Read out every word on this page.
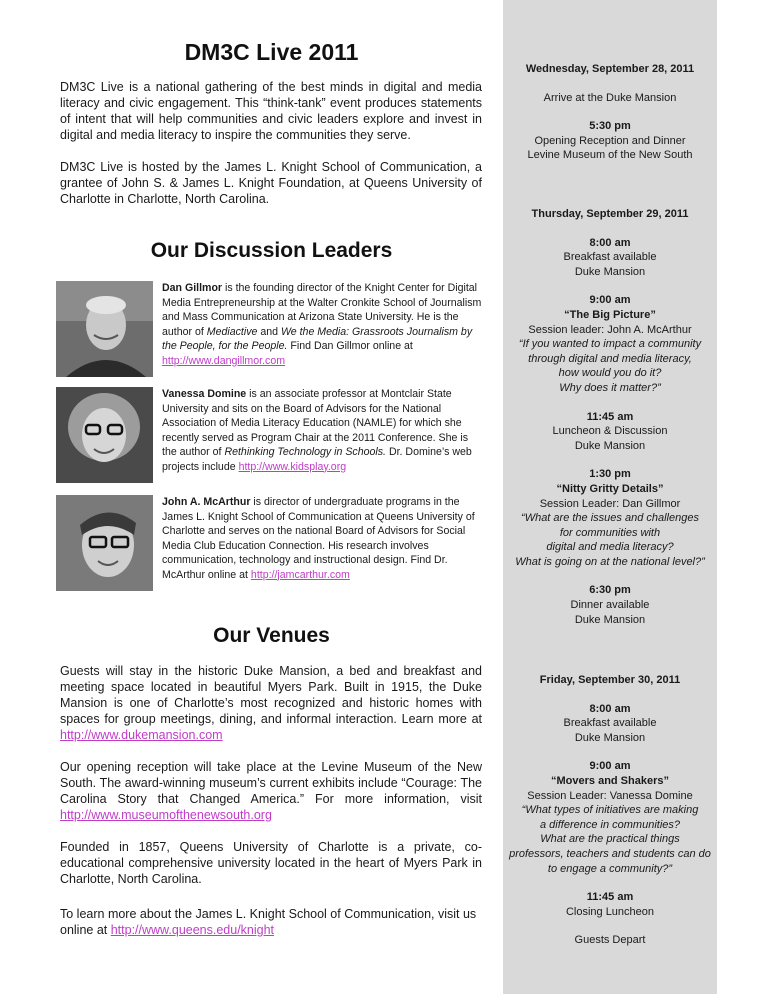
DM3C Live 2011

DM3C Live is a national gathering of the best minds in digital and media literacy and civic engagement. This “think-tank” event produces statements of intent that will help communities and civic leaders explore and invest in digital and media literacy to inspire the communities they serve.

DM3C Live is hosted by the James L. Knight School of Communication, a grantee of John S. & James L. Knight Foundation, at Queens University of Charlotte in Charlotte, North Carolina.

Our Discussion Leaders

Dan Gillmor is the founding director of the Knight Center for Digital Media Entrepreneurship at the Walter Cronkite School of Journalism and Mass Communication at Arizona State University. He is the author of Mediactive and We the Media: Grassroots Journalism by the People, for the People. Find Dan Gillmor online at http://www.dangillmor.com

Vanessa Domine is an associate professor at Montclair State University and sits on the Board of Advisors for the National Association of Media Literacy Education (NAMLE) for which she recently served as Program Chair at the 2011 Conference. She is the author of Rethinking Technology in Schools. Dr. Domine’s web projects include http://www.kidsplay.org

John A. McArthur is director of undergraduate programs in the James L. Knight School of Communication at Queens University of Charlotte and serves on the national Board of Advisors for Social Media Club Education Connection. His research involves communication, technology and instructional design. Find Dr. McArthur online at http://jamcarthur.com

Our Venues

Guests will stay in the historic Duke Mansion, a bed and breakfast and meeting space located in beautiful Myers Park. Built in 1915, the Duke Mansion is one of Charlotte’s most recognized and historic homes with spaces for group meetings, dining, and informal interaction. Learn more at http://www.dukemansion.com

Our opening reception will take place at the Levine Museum of the New South. The award-winning museum’s current exhibits include “Courage: The Carolina Story that Changed America.” For more information, visit http://www.museumofthenewsouth.org

Founded in 1857, Queens University of Charlotte is a private, co-educational comprehensive university located in the heart of Myers Park in Charlotte, North Carolina.

To learn more about the James L. Knight School of Communication, visit us online at http://www.queens.edu/knight

Wednesday, September 28, 2011
Arrive at the Duke Mansion
5:30 pm
Opening Reception and Dinner
Levine Museum of the New South
Thursday, September 29, 2011
8:00 am
Breakfast available
Duke Mansion
9:00 am
“The Big Picture”
Session leader: John A. McArthur
“If you wanted to impact a community
through digital and media literacy,
how would you do it?
Why does it matter?”
11:45 am
Luncheon & Discussion
Duke Mansion
1:30 pm
“Nitty Gritty Details”
Session Leader: Dan Gillmor
“What are the issues and challenges
for communities with
digital and media literacy?
What is going on at the national level?”
6:30 pm
Dinner available
Duke Mansion
Friday, September 30, 2011
8:00 am
Breakfast available
Duke Mansion
9:00 am
“Movers and Shakers”
Session Leader: Vanessa Domine
“What types of initiatives are making
a difference in communities?
What are the practical things
professors, teachers and students can do
to engage a community?”
11:45 am
Closing Luncheon
Guests Depart
